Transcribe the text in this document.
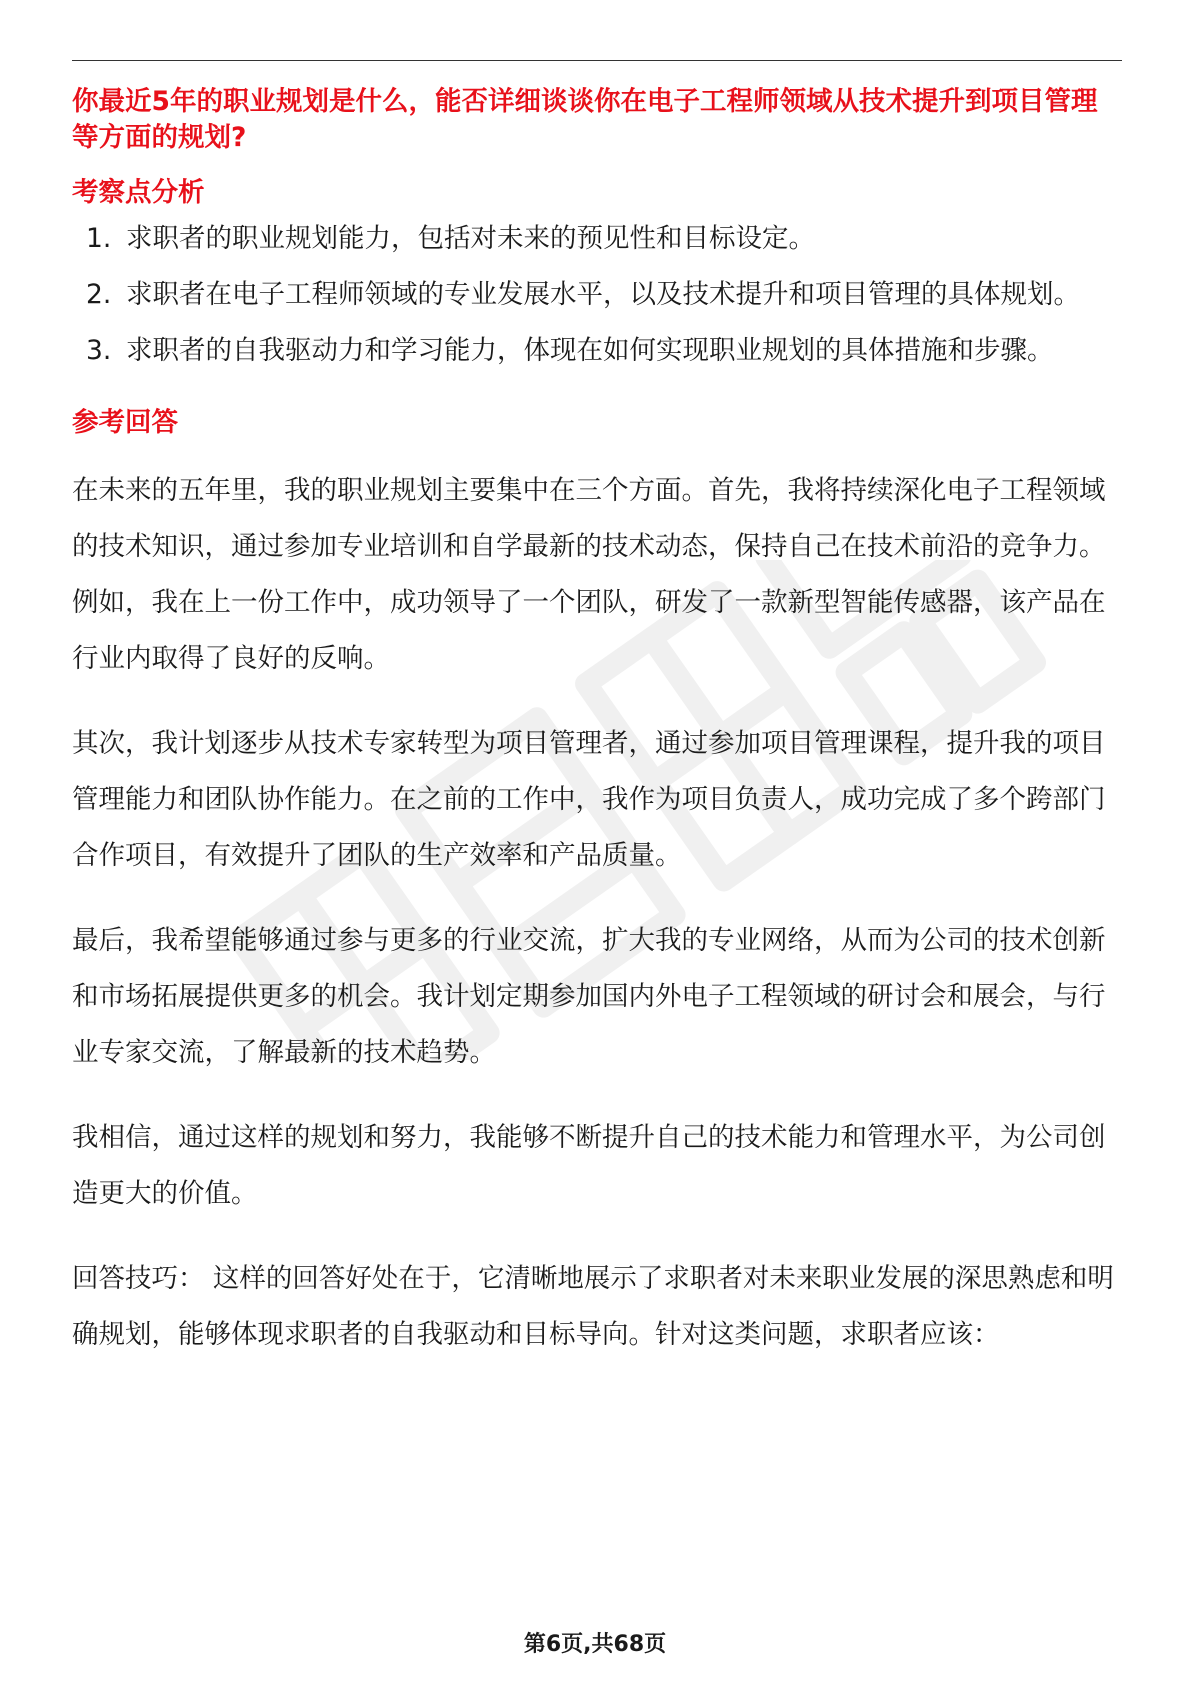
你最近5年的职业规划是什么，能否详细谈谈你在电子工程师领域从技术提升到项目管理等方面的规划?

考察点分析
1. 求职者的职业规划能力，包括对未来的预见性和目标设定。
2. 求职者在电子工程师领域的专业发展水平，以及技术提升和项目管理的具体规划。
3. 求职者的自我驱动力和学习能力，体现在如何实现职业规划的具体措施和步骤。
参考回答

在未来的五年里，我的职业规划主要集中在三个方面。首先，我将持续深化电子工程领域的技术知识，通过参加专业培训和自学最新的技术动态，保持自己在技术前沿的竞争力。例如，我在上一份工作中，成功领导了一个团队，研发了一款新型智能传感器，该产品在行业内取得了良好的反响。

其次，我计划逐步从技术专家转型为项目管理者，通过参加项目管理课程，提升我的项目管理能力和团队协作能力。在之前的工作中，我作为项目负责人，成功完成了多个跨部门合作项目，有效提升了团队的生产效率和产品质量。

最后，我希望能够通过参与更多的行业交流，扩大我的专业网络，从而为公司的技术创新和市场拓展提供更多的机会。我计划定期参加国内外电子工程领域的研讨会和展会，与行业专家交流，了解最新的技术趋势。

我相信，通过这样的规划和努力，我能够不断提升自己的技术能力和管理水平，为公司创造更大的价值。

回答技巧： 这样的回答好处在于，它清晰地展示了求职者对未来职业发展的深思熟虑和明确规划，能够体现求职者的自我驱动和目标导向。针对这类问题，求职者应该：

第6页,共68页
